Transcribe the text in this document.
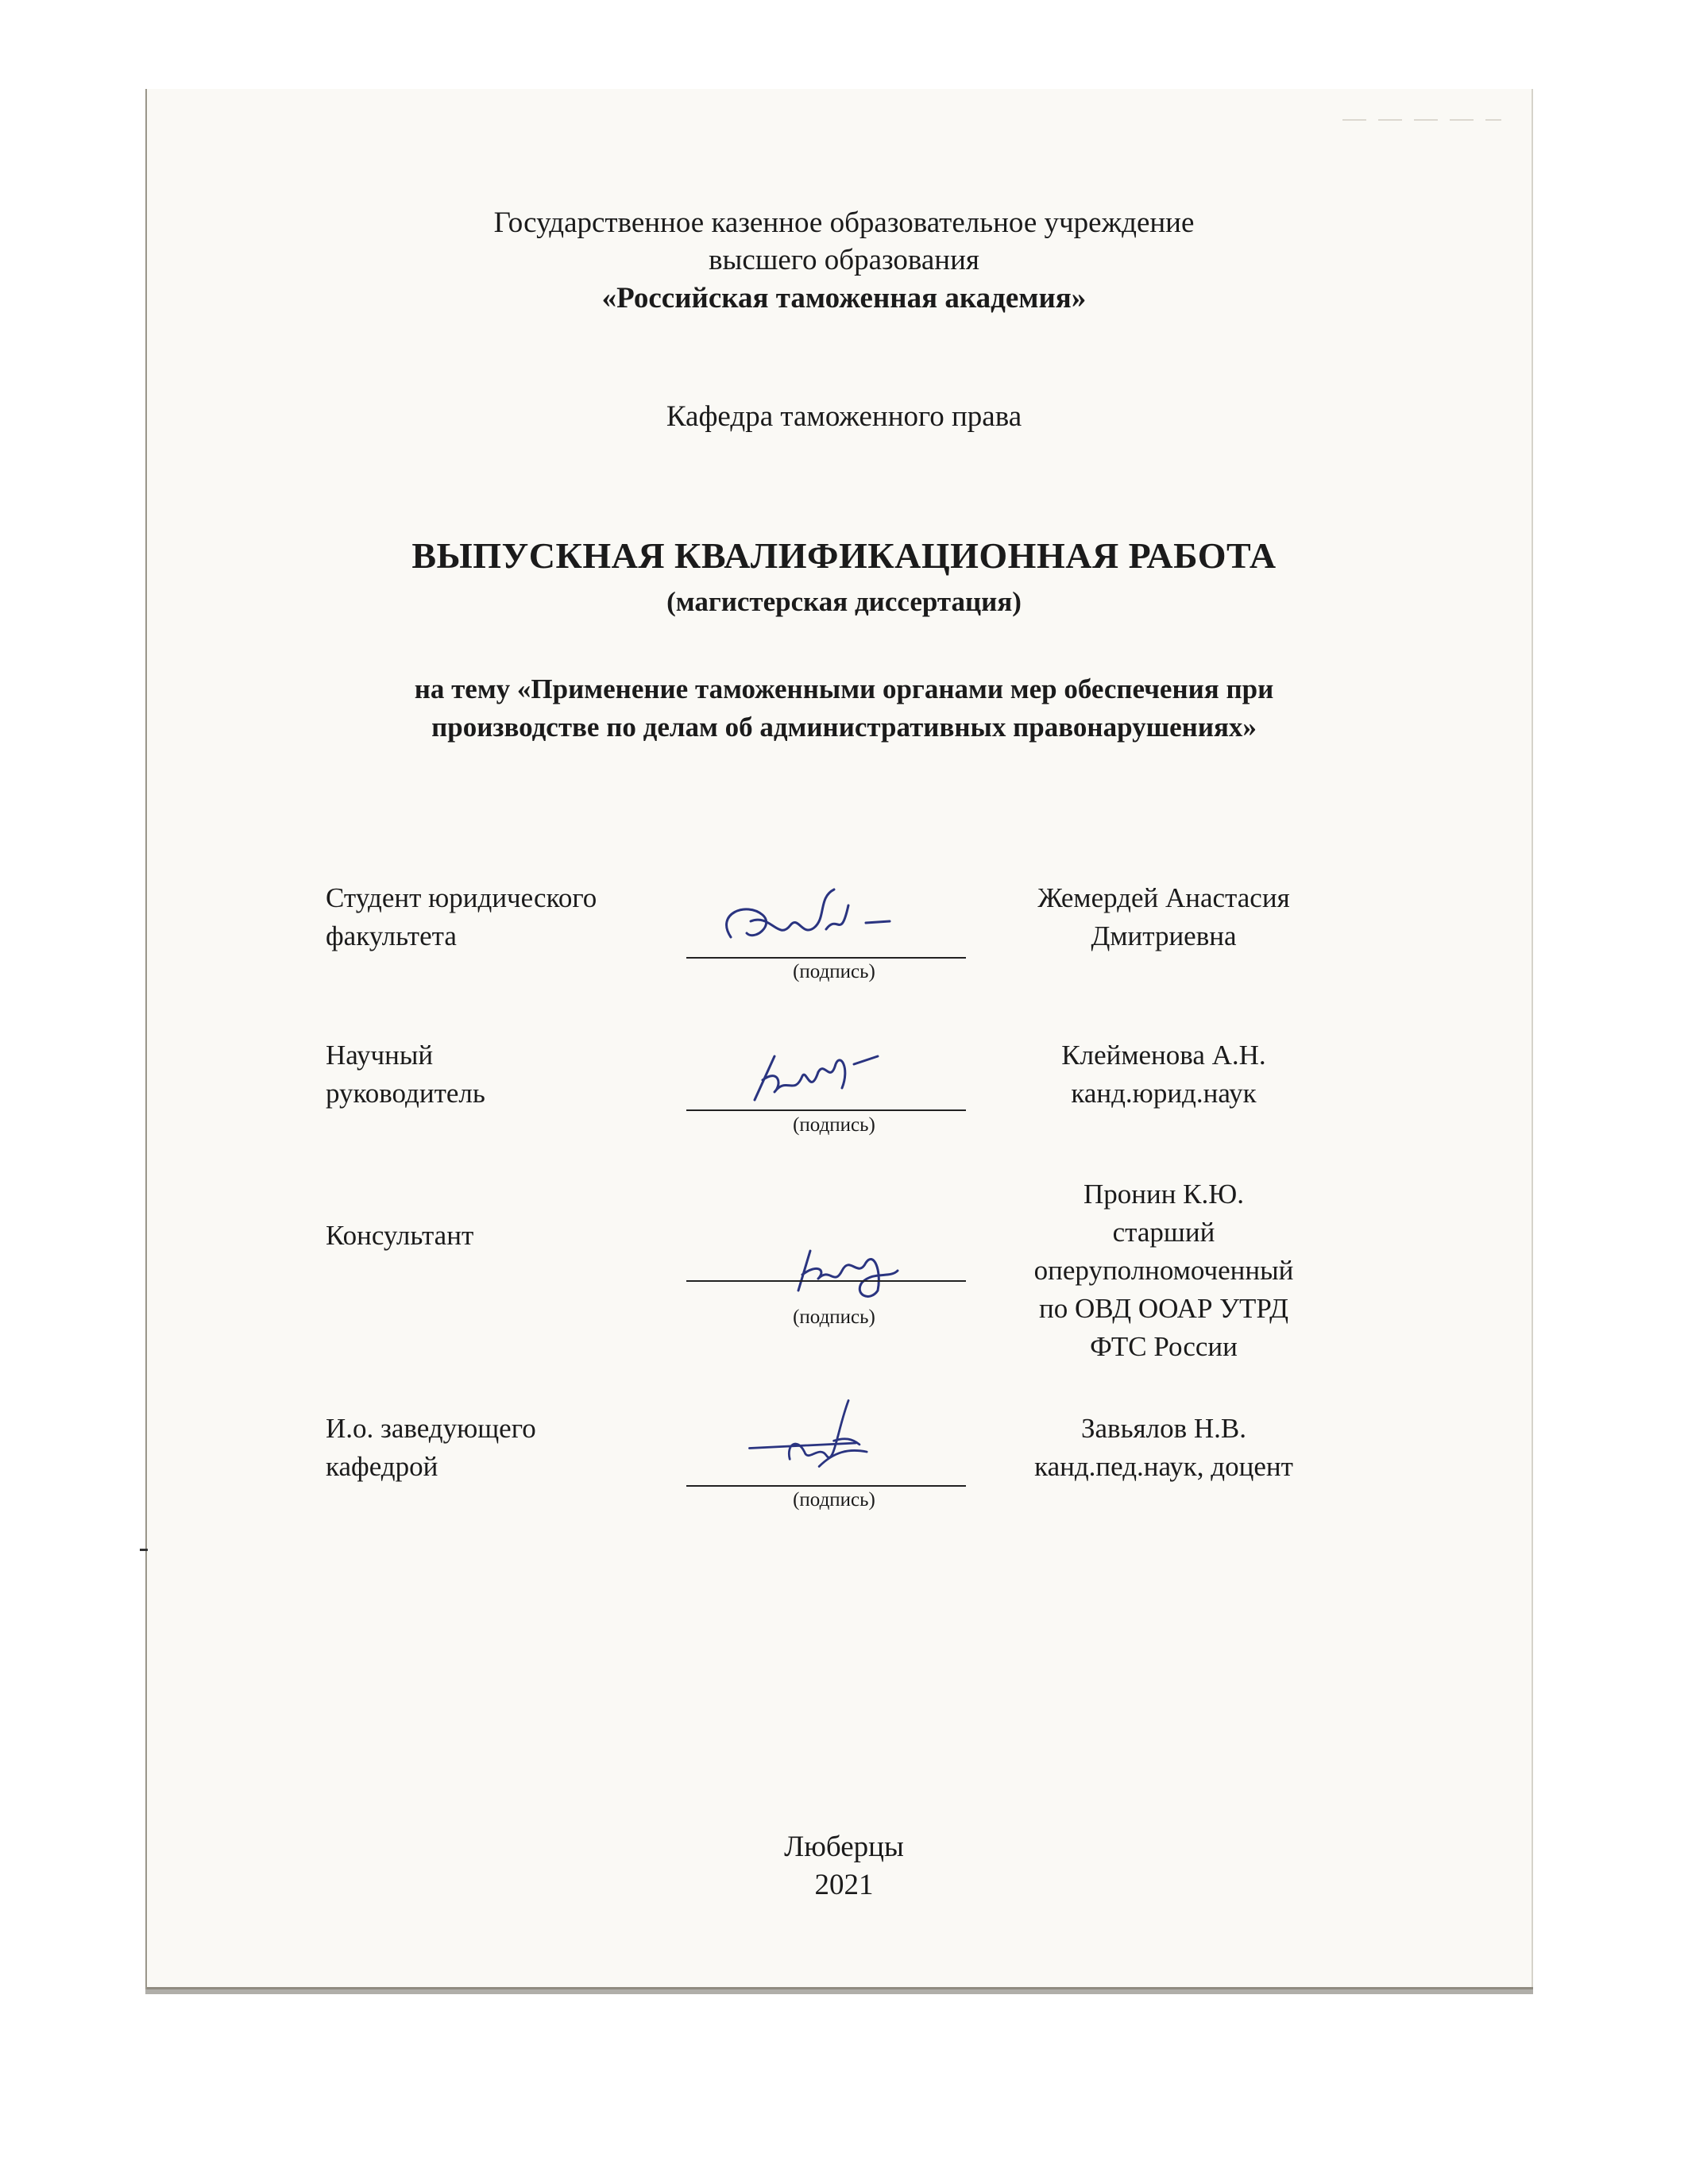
Государственное казенное образовательное учреждение
высшего образования
«Российская таможенная академия»
Кафедра таможенного права
ВЫПУСКНАЯ КВАЛИФИКАЦИОННАЯ РАБОТА
(магистерская диссертация)
на тему «Применение таможенными органами мер обеспечения при
производстве по делам об административных правонарушениях»
Студент юридического
факультета
(подпись)
Жемердей Анастасия
Дмитриевна
Научный
руководитель
(подпись)
Клейменова А.Н.
канд.юрид.наук
Консультант
(подпись)
Пронин К.Ю.
старший
оперуполномоченный
по ОВД ООАР УТРД
ФТС России
И.о. заведующего
кафедрой
(подпись)
Завьялов Н.В.
канд.пед.наук, доцент
Люберцы
2021
